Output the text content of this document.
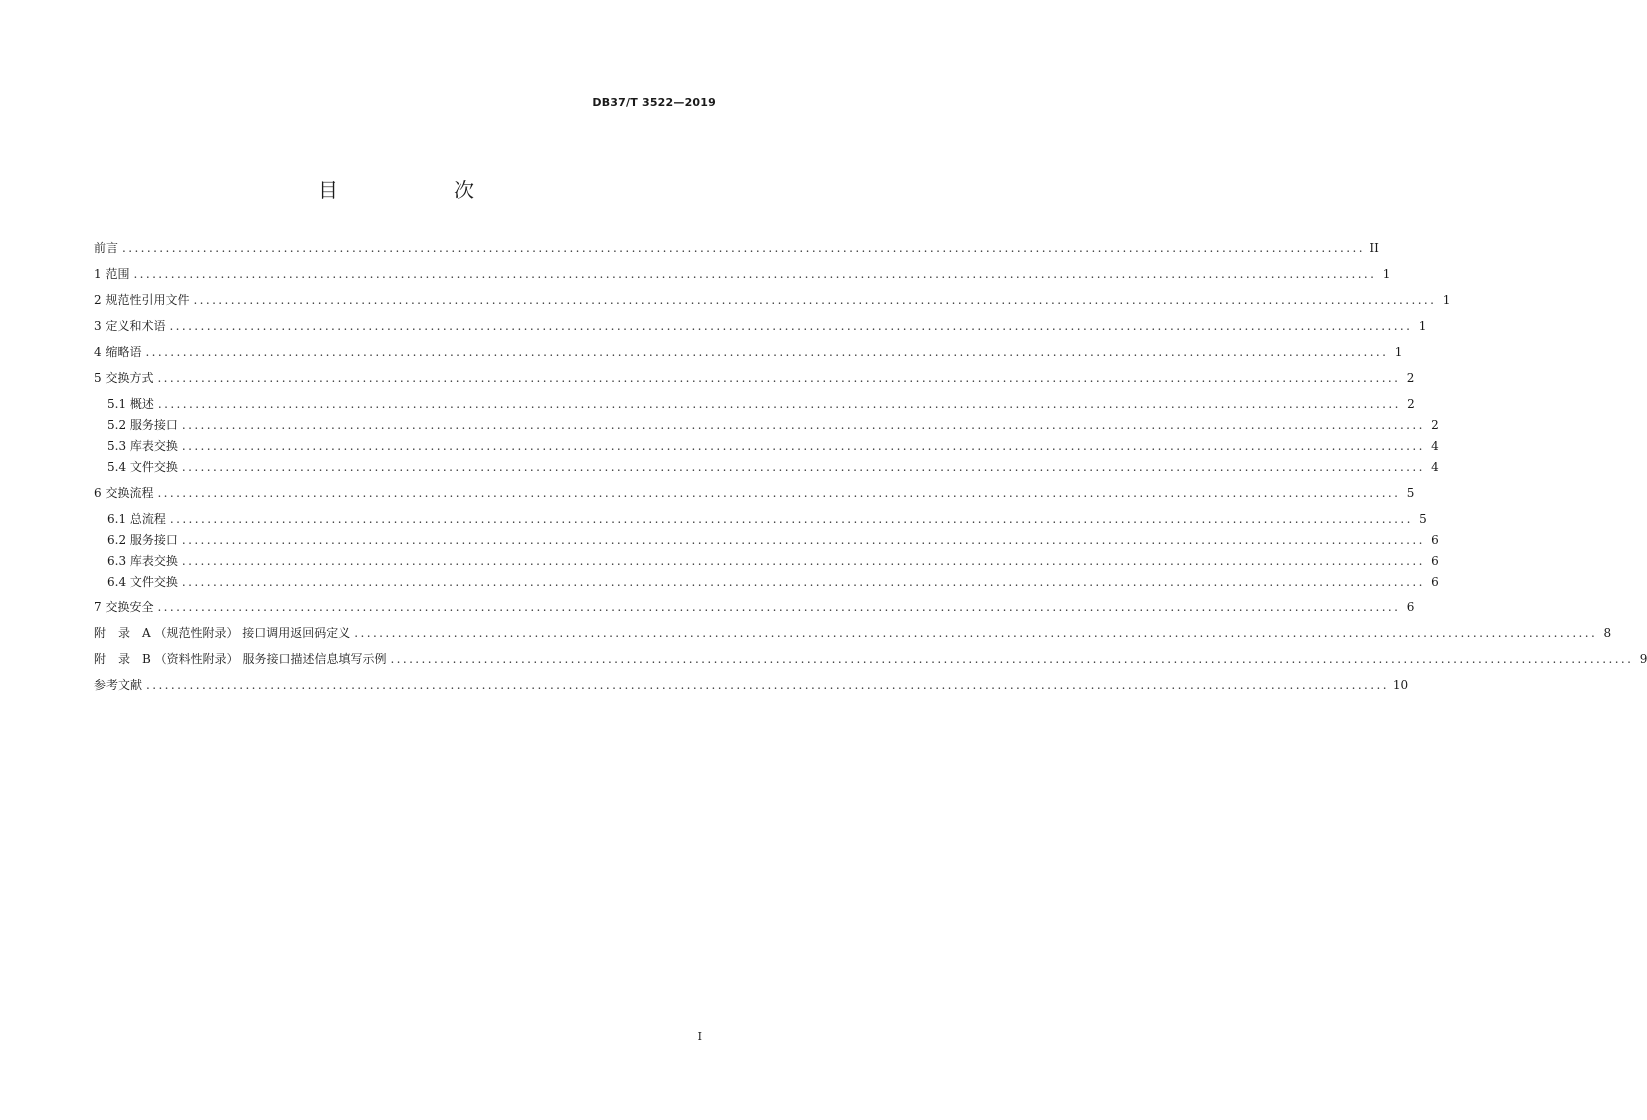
DB37/T 3522—2019
目　次
前言 ........................................................................................................................................................................................................ II
1 范围 ........................................................................................................................................................................................................ 1
2 规范性引用文件 ........................................................................................................................................................................................................ 1
3 定义和术语 ........................................................................................................................................................................................................ 1
4 缩略语 ........................................................................................................................................................................................................ 1
5 交换方式 ........................................................................................................................................................................................................ 2
5.1 概述 ........................................................................................................................................................................................................ 2
5.2 服务接口 ........................................................................................................................................................................................................ 2
5.3 库表交换 ........................................................................................................................................................................................................ 4
5.4 文件交换 ........................................................................................................................................................................................................ 4
6 交换流程 ........................................................................................................................................................................................................ 5
6.1 总流程 ........................................................................................................................................................................................................ 5
6.2 服务接口 ........................................................................................................................................................................................................ 6
6.3 库表交换 ........................................................................................................................................................................................................ 6
6.4 文件交换 ........................................................................................................................................................................................................ 6
7 交换安全 ........................................................................................................................................................................................................ 6
附　录　A （规范性附录） 接口调用返回码定义 ........................................................................................................................................................................................................ 8
附　录　B （资料性附录） 服务接口描述信息填写示例 ........................................................................................................................................................................................................ 9
参考文献 ........................................................................................................................................................................................................ 10
I
